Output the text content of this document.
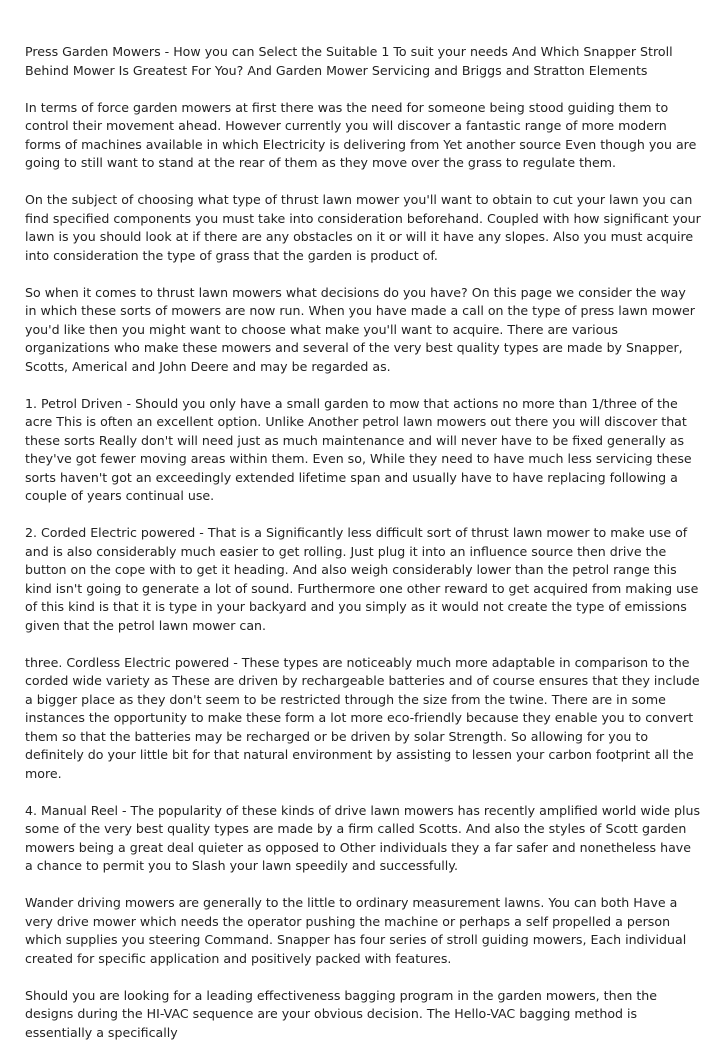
Press Garden Mowers - How you can Select the Suitable 1 To suit your needs And Which Snapper Stroll Behind Mower Is Greatest For You? And Garden Mower Servicing and Briggs and Stratton Elements

In terms of force garden mowers at first there was the need for someone being stood guiding them to control their movement ahead. However currently you will discover a fantastic range of more modern forms of machines available in which Electricity is delivering from Yet another source Even though you are going to still want to stand at the rear of them as they move over the grass to regulate them.

On the subject of choosing what type of thrust lawn mower you'll want to obtain to cut your lawn you can find specified components you must take into consideration beforehand. Coupled with how significant your lawn is you should look at if there are any obstacles on it or will it have any slopes. Also you must acquire into consideration the type of grass that the garden is product of.

So when it comes to thrust lawn mowers what decisions do you have? On this page we consider the way in which these sorts of mowers are now run. When you have made a call on the type of press lawn mower you'd like then you might want to choose what make you'll want to acquire. There are various organizations who make these mowers and several of the very best quality types are made by Snapper, Scotts, Americal and John Deere and may be regarded as.

1. Petrol Driven - Should you only have a small garden to mow that actions no more than 1/three of the acre This is often an excellent option. Unlike Another petrol lawn mowers out there you will discover that these sorts Really don't will need just as much maintenance and will never have to be fixed generally as they've got fewer moving areas within them. Even so, While they need to have much less servicing these sorts haven't got an exceedingly extended lifetime span and usually have to have replacing following a couple of years continual use.

2. Corded Electric powered - That is a Significantly less difficult sort of thrust lawn mower to make use of and is also considerably much easier to get rolling. Just plug it into an influence source then drive the button on the cope with to get it heading. And also weigh considerably lower than the petrol range this kind isn't going to generate a lot of sound. Furthermore one other reward to get acquired from making use of this kind is that it is type in your backyard and you simply as it would not create the type of emissions given that the petrol lawn mower can.

three. Cordless Electric powered - These types are noticeably much more adaptable in comparison to the corded wide variety as These are driven by rechargeable batteries and of course ensures that they include a bigger place as they don't seem to be restricted through the size from the twine. There are in some instances the opportunity to make these form a lot more eco-friendly because they enable you to convert them so that the batteries may be recharged or be driven by solar Strength. So allowing for you to definitely do your little bit for that natural environment by assisting to lessen your carbon footprint all the more.

4. Manual Reel - The popularity of these kinds of drive lawn mowers has recently amplified world wide plus some of the very best quality types are made by a firm called Scotts. And also the styles of Scott garden mowers being a great deal quieter as opposed to Other individuals they a far safer and nonetheless have a chance to permit you to Slash your lawn speedily and successfully.

Wander driving mowers are generally to the little to ordinary measurement lawns. You can both Have a very drive mower which needs the operator pushing the machine or perhaps a self propelled a person which supplies you steering Command. Snapper has four series of stroll guiding mowers, Each individual created for specific application and positively packed with features.

Should you are looking for a leading effectiveness bagging program in the garden mowers, then the designs during the HI-VAC sequence are your obvious decision. The Hello-VAC bagging method is essentially a specifically
